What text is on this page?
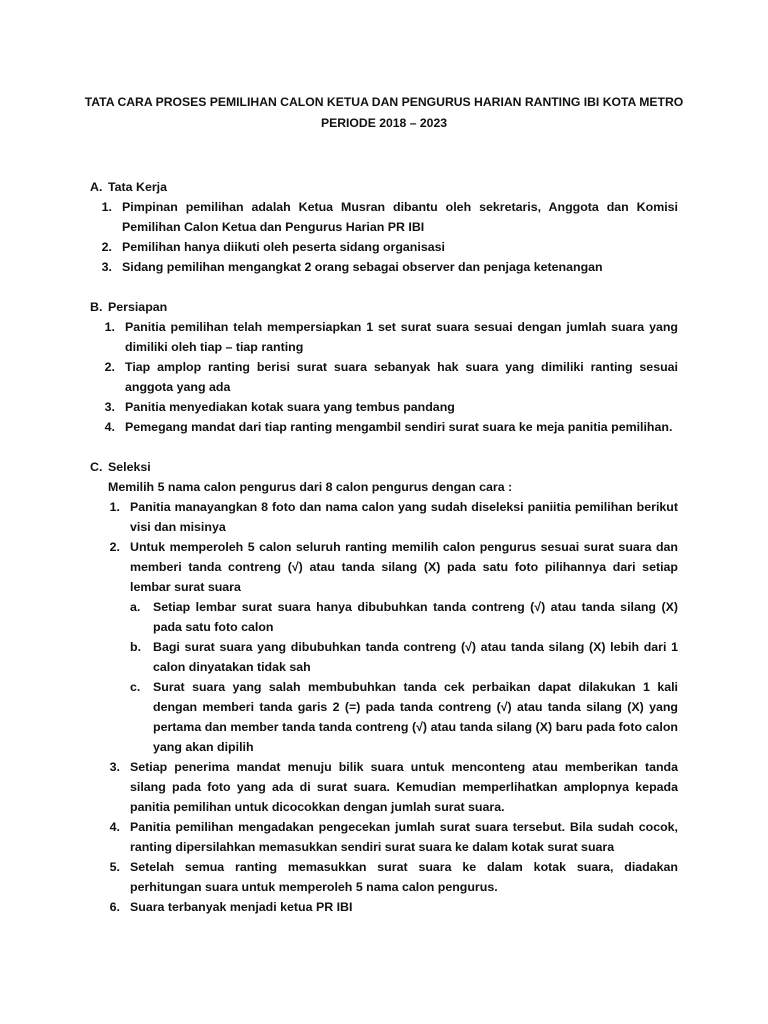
TATA CARA PROSES PEMILIHAN CALON KETUA DAN PENGURUS HARIAN RANTING IBI KOTA METRO
PERIODE 2018 – 2023
A. Tata Kerja
1. Pimpinan pemilihan adalah Ketua Musran dibantu oleh sekretaris, Anggota dan Komisi Pemilihan Calon Ketua dan Pengurus Harian PR IBI
2. Pemilihan hanya diikuti oleh peserta sidang organisasi
3. Sidang pemilihan mengangkat 2 orang sebagai observer dan penjaga ketenangan
B. Persiapan
1. Panitia pemilihan telah mempersiapkan 1 set surat suara sesuai dengan jumlah suara yang dimiliki oleh tiap – tiap ranting
2. Tiap amplop ranting berisi surat suara sebanyak hak suara yang dimiliki ranting sesuai anggota yang ada
3. Panitia menyediakan kotak suara yang tembus pandang
4. Pemegang mandat dari tiap ranting mengambil sendiri surat suara ke meja panitia pemilihan.
C. Seleksi
Memilih 5 nama calon pengurus dari 8 calon pengurus dengan cara :
1. Panitia manayangkan 8 foto dan nama calon yang sudah diseleksi paniitia pemilihan berikut visi dan misinya
2. Untuk memperoleh 5 calon seluruh ranting memilih calon pengurus sesuai surat suara dan memberi tanda contreng (√) atau tanda silang (X) pada satu foto pilihannya dari setiap lembar surat suara
a.	Setiap lembar surat suara hanya dibubuhkan tanda contreng (√) atau tanda silang (X) pada satu foto calon
b. Bagi surat suara yang dibubuhkan tanda contreng (√) atau tanda silang (X) lebih dari 1 calon dinyatakan tidak sah
c.	Surat suara yang salah membubuhkan tanda cek perbaikan dapat dilakukan 1 kali dengan memberi tanda garis 2 (=) pada tanda contreng (√) atau tanda silang (X) yang pertama dan member tanda tanda contreng (√) atau tanda silang (X) baru pada foto calon yang akan dipilih
3. Setiap penerima mandat menuju bilik suara untuk menconteng atau memberikan tanda silang pada foto yang ada di surat suara. Kemudian memperlihatkan amplopnya kepada panitia pemilihan untuk dicocokkan dengan jumlah surat suara.
4. Panitia pemilihan mengadakan pengecekan jumlah surat suara tersebut. Bila sudah cocok, ranting dipersilahkan memasukkan sendiri surat suara ke dalam kotak surat suara
5. Setelah semua ranting memasukkan surat suara ke dalam kotak suara, diadakan perhitungan suara untuk memperoleh 5 nama calon pengurus.
6. Suara terbanyak menjadi ketua PR IBI
